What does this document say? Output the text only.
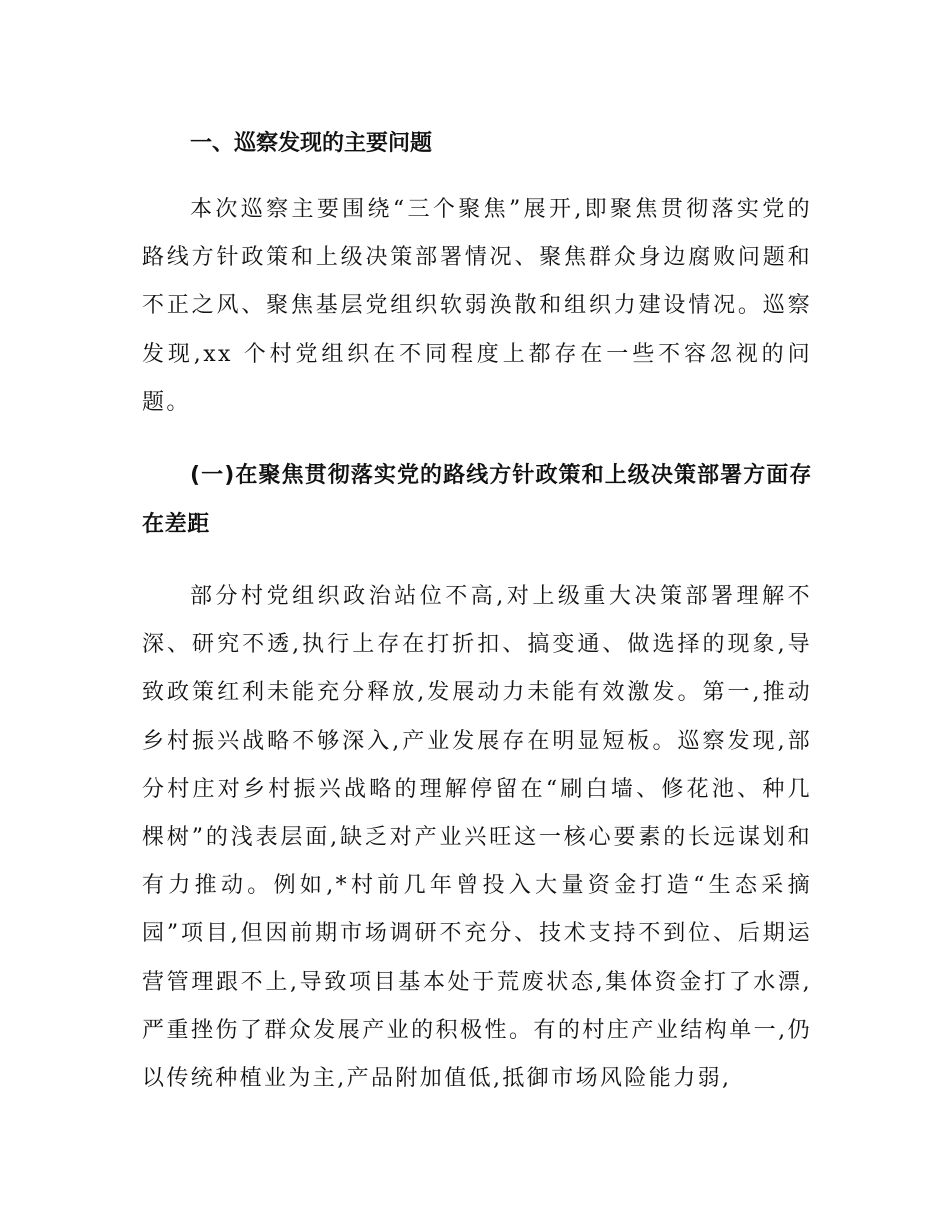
一、巡察发现的主要问题

本次巡察主要围绕“三个聚焦”展开,即聚焦贯彻落实党的路线方针政策和上级决策部署情况、聚焦群众身边腐败问题和不正之风、聚焦基层党组织软弱涣散和组织力建设情况。巡察发现,xx 个村党组织在不同程度上都存在一些不容忽视的问题。

(一)在聚焦贯彻落实党的路线方针政策和上级决策部署方面存在差距

部分村党组织政治站位不高,对上级重大决策部署理解不深、研究不透,执行上存在打折扣、搞变通、做选择的现象,导致政策红利未能充分释放,发展动力未能有效激发。第一,推动乡村振兴战略不够深入,产业发展存在明显短板。巡察发现,部分村庄对乡村振兴战略的理解停留在“刷白墙、修花池、种几棵树”的浅表层面,缺乏对产业兴旺这一核心要素的长远谋划和有力推动。例如,*村前几年曾投入大量资金打造“生态采摘园”项目,但因前期市场调研不充分、技术支持不到位、后期运营管理跟不上,导致项目基本处于荒废状态,集体资金打了水漂,严重挫伤了群众发展产业的积极性。有的村庄产业结构单一,仍以传统种植业为主,产品附加值低,抵御市场风险能力弱,
